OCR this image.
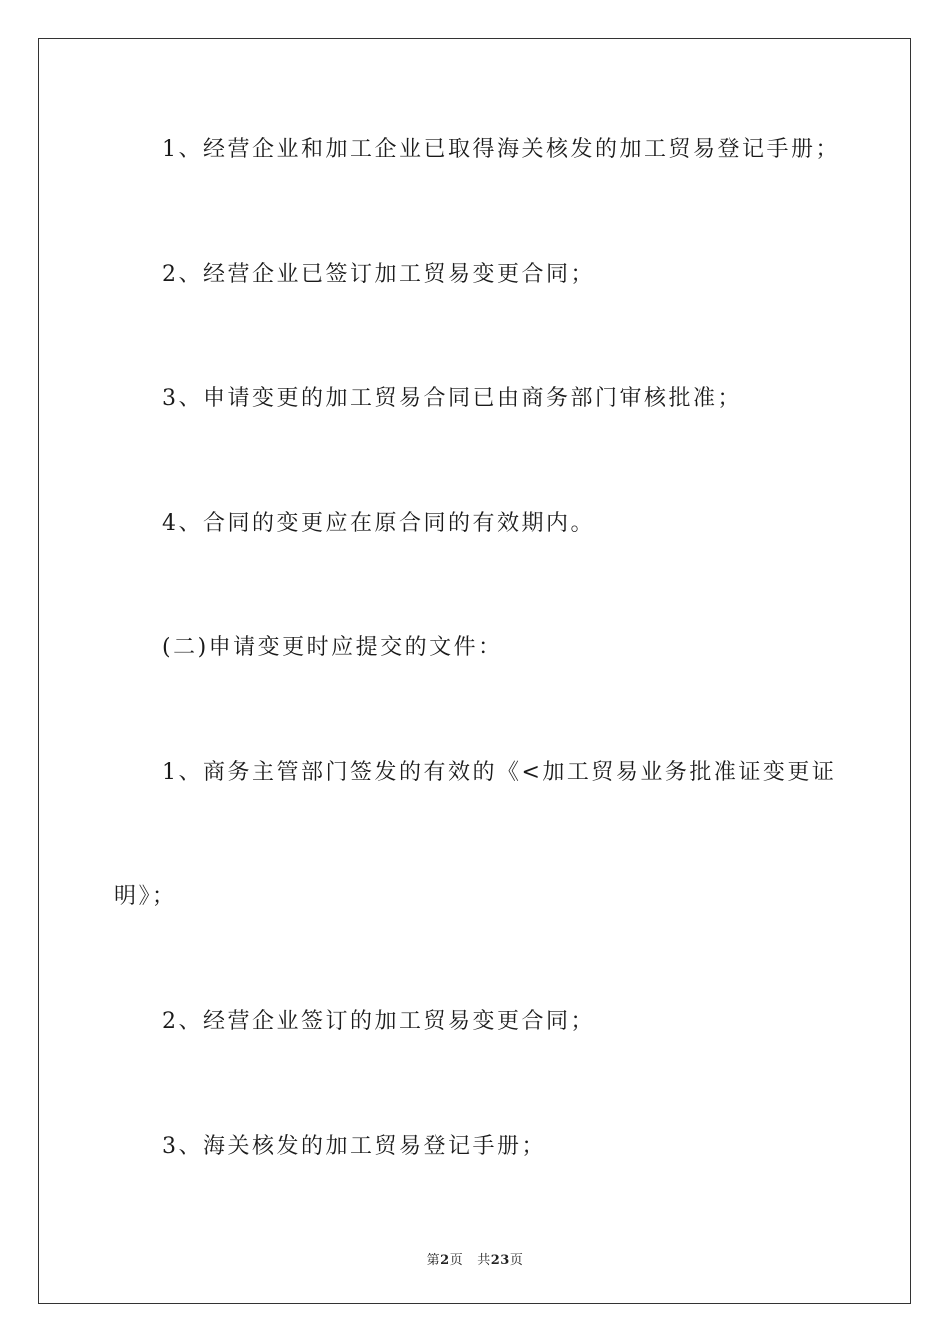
1、经营企业和加工企业已取得海关核发的加工贸易登记手册；
2、经营企业已签订加工贸易变更合同；
3、申请变更的加工贸易合同已由商务部门审核批准；
4、合同的变更应在原合同的有效期内。
(二)申请变更时应提交的文件：
1、商务主管部门签发的有效的《<加工贸易业务批准证变更证
明》；
2、经营企业签订的加工贸易变更合同；
3、海关核发的加工贸易登记手册；
第2页 共23页
